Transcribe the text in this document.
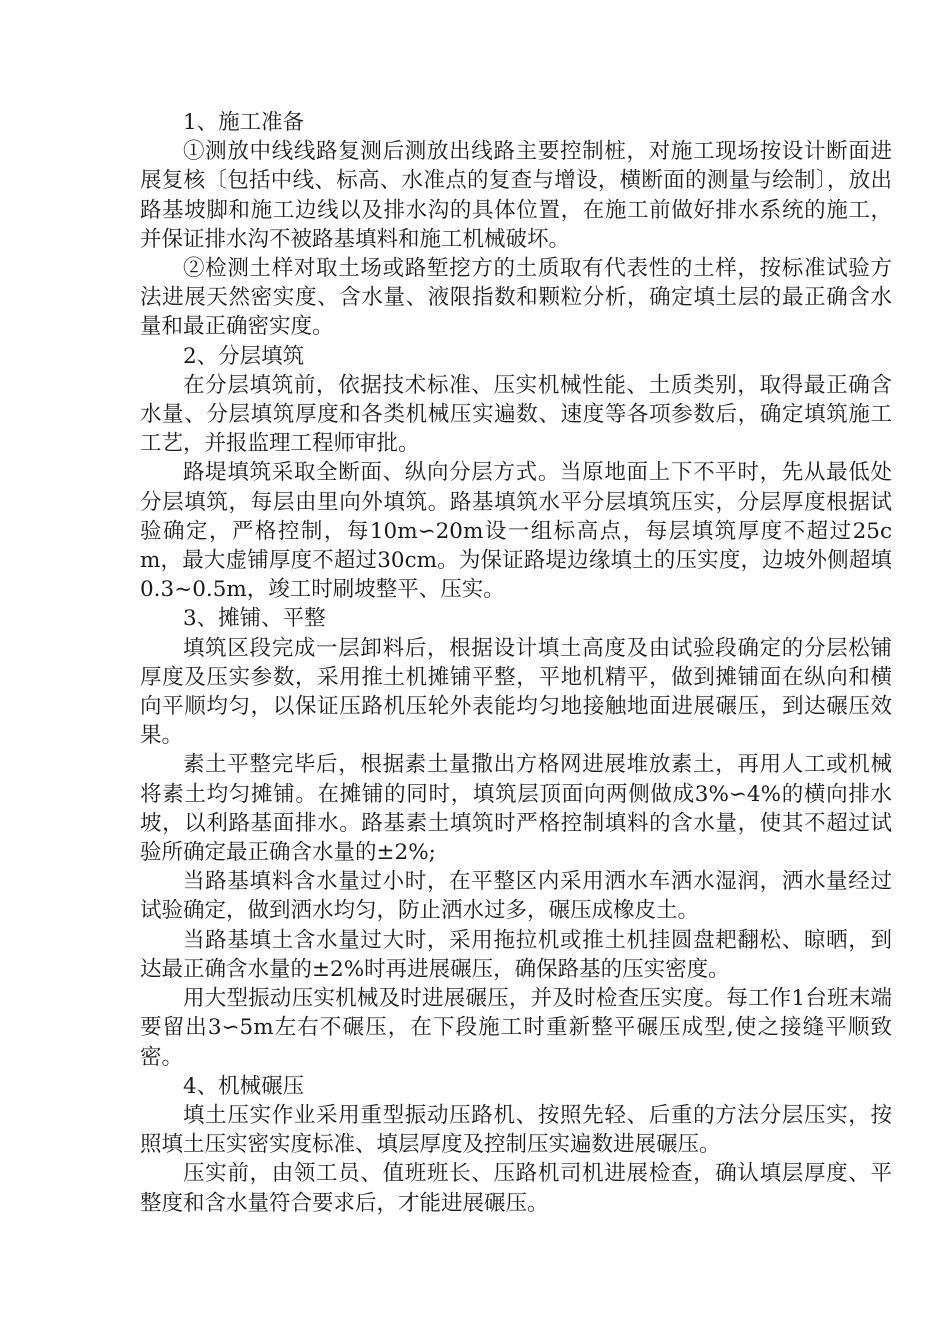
1、施工准备

①测放中线线路复测后测放出线路主要控制桩，对施工现场按设计断面进展复核〔包括中线、标高、水准点的复查与增设，横断面的测量与绘制〕，放出路基坡脚和施工边线以及排水沟的具体位置，在施工前做好排水系统的施工，并保证排水沟不被路基填料和施工机械破坏。

②检测土样对取土场或路堑挖方的土质取有代表性的土样，按标准试验方法进展天然密实度、含水量、液限指数和颗粒分析，确定填土层的最正确含水量和最正确密实度。

2、分层填筑

在分层填筑前，依据技术标准、压实机械性能、土质类别，取得最正确含水量、分层填筑厚度和各类机械压实遍数、速度等各项参数后，确定填筑施工工艺，并报监理工程师审批。

路堤填筑采取全断面、纵向分层方式。当原地面上下不平时，先从最低处分层填筑，每层由里向外填筑。路基填筑水平分层填筑压实，分层厚度根据试验确定，严格控制，每10m∽20m设一组标高点，每层填筑厚度不超过25cm，最大虚铺厚度不超过30cm。为保证路堤边缘填土的压实度，边坡外侧超填0.3~0.5m，竣工时刷坡整平、压实。

3、摊铺、平整

填筑区段完成一层卸料后，根据设计填土高度及由试验段确定的分层松铺厚度及压实参数，采用推土机摊铺平整，平地机精平，做到摊铺面在纵向和横向平顺均匀，以保证压路机压轮外表能均匀地接触地面进展碾压，到达碾压效果。

素土平整完毕后，根据素土量撒出方格网进展堆放素土，再用人工或机械将素土均匀摊铺。在摊铺的同时，填筑层顶面向两侧做成3%∽4%的横向排水坡，以利路基面排水。路基素土填筑时严格控制填料的含水量，使其不超过试验所确定最正确含水量的±2%;

当路基填料含水量过小时，在平整区内采用洒水车洒水湿润，洒水量经过试验确定，做到洒水均匀，防止洒水过多，碾压成橡皮土。

当路基填土含水量过大时，采用拖拉机或推土机挂圆盘耙翻松、晾晒，到达最正确含水量的±2%时再进展碾压，确保路基的压实密度。

用大型振动压实机械及时进展碾压，并及时检查压实度。每工作1台班末端要留出3∽5m左右不碾压，在下段施工时重新整平碾压成型,使之接缝平顺致密。

4、机械碾压

填土压实作业采用重型振动压路机、按照先轻、后重的方法分层压实，按照填土压实密实度标准、填层厚度及控制压实遍数进展碾压。

压实前，由领工员、值班班长、压路机司机进展检查，确认填层厚度、平整度和含水量符合要求后，才能进展碾压。
